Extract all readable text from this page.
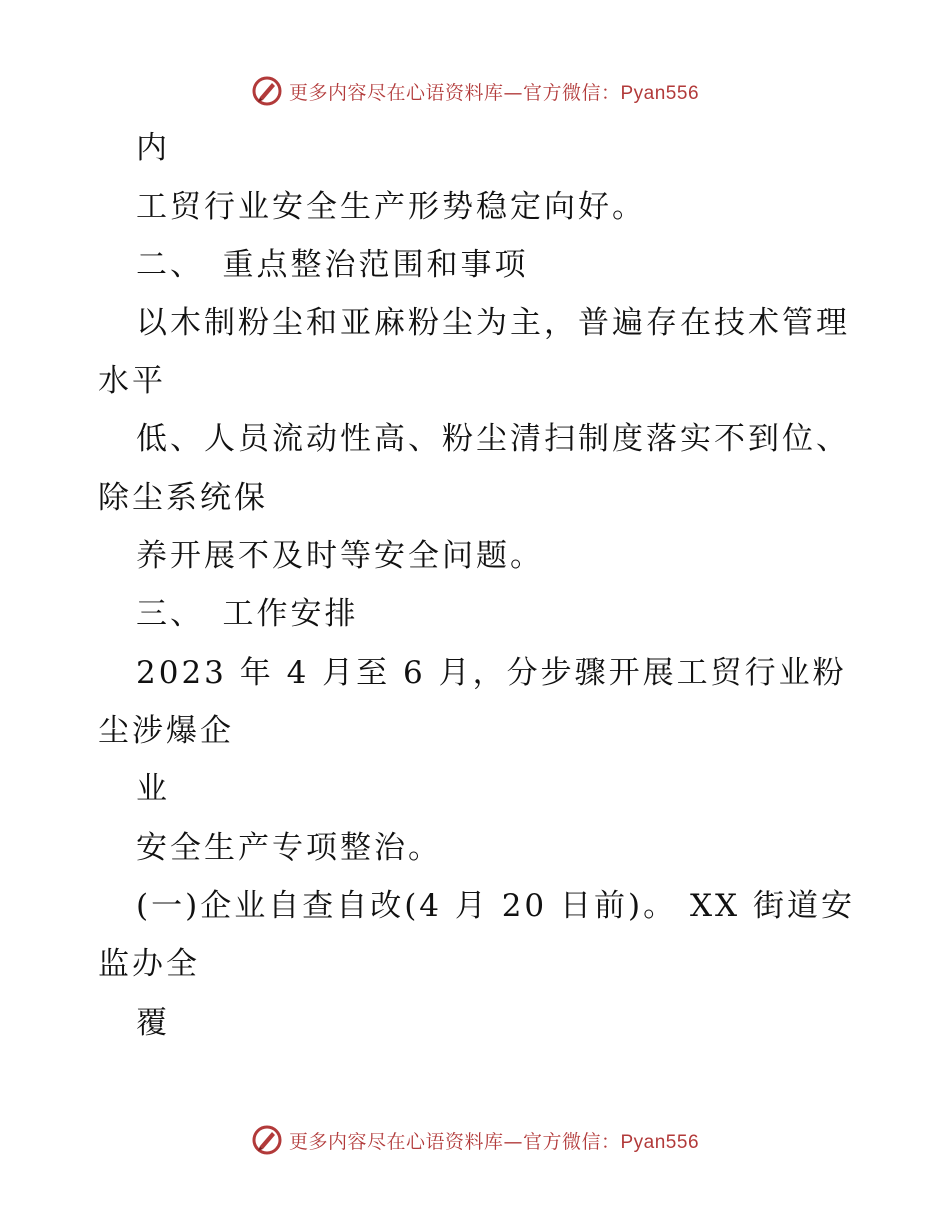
更多内容尽在心语资料库—官方微信：Pyan556
内
工贸行业安全生产形势稳定向好。
二、　重点整治范围和事项
以木制粉尘和亚麻粉尘为主，普遍存在技术管理
水平
低、人员流动性高、粉尘清扫制度落实不到位、
除尘系统保
养开展不及时等安全问题。
三、　工作安排
2023 年 4 月至 6 月，分步骤开展工贸行业粉
尘涉爆企
业
安全生产专项整治。
(一)企业自查自改(4 月 20 日前)。 XX 街道安
监办全
覆
更多内容尽在心语资料库—官方微信：Pyan556
